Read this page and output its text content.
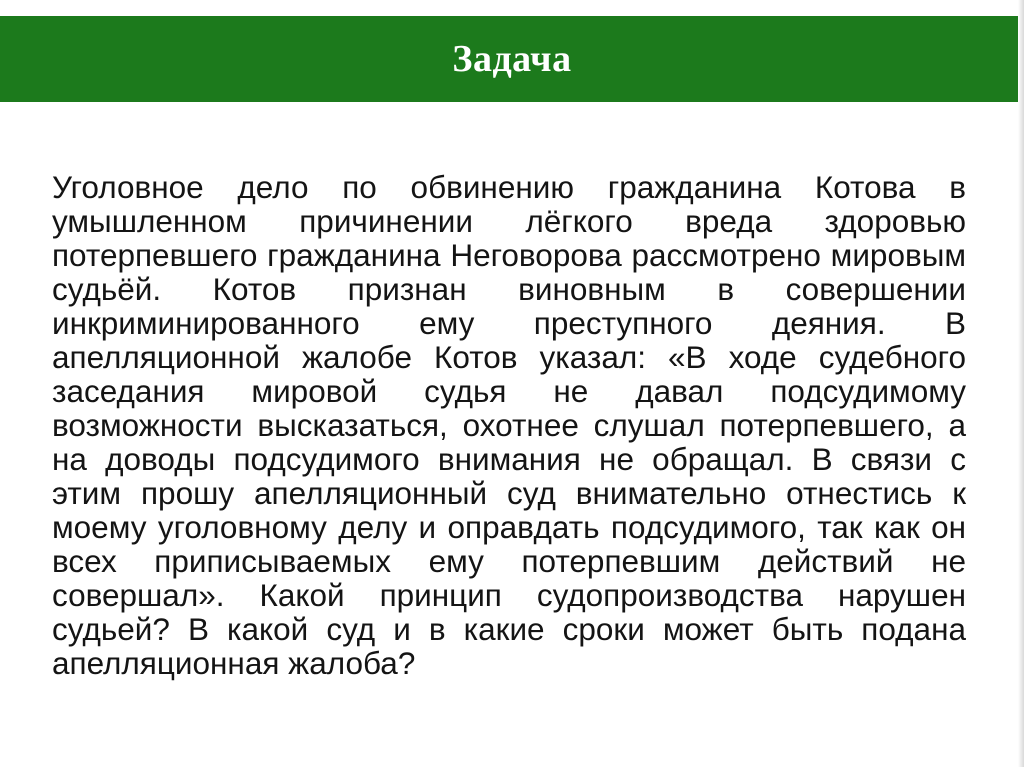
Задача

Уголовное дело по обвинению гражданина Котова в умышленном причинении лёгкого вреда здоровью потерпевшего гражданина Неговорова рассмотрено мировым судьёй. Котов признан виновным в совершении инкриминированного ему преступного деяния. В апелляционной жалобе Котов указал: «В ходе судебного заседания мировой судья не давал подсудимому возможности высказаться, охотнее слушал потерпевшего, а на доводы подсудимого внимания не обращал. В связи с этим прошу апелляционный суд внимательно отнестись к моему уголовному делу и оправдать подсудимого, так как он всех приписываемых ему потерпевшим действий не совершал». Какой принцип судопроизводства нарушен судьей? В какой суд и в какие сроки может быть подана апелляционная жалоба?
